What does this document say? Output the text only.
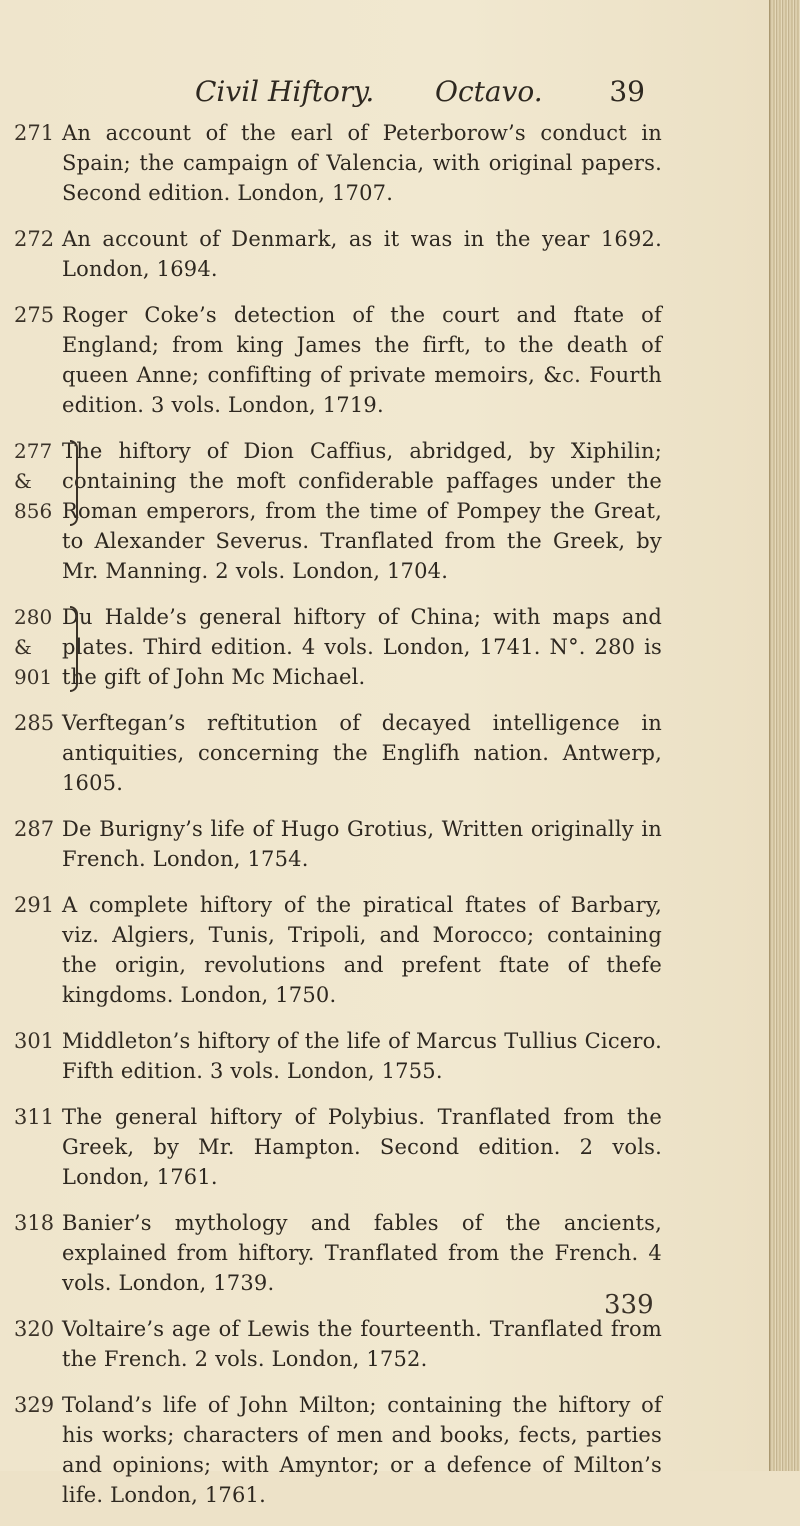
Civil Hiftory. Octavo. 39
271 An account of the earl of Peterborow’s conduct in Spain; the campaign of Valencia, with original papers. Second edition. London, 1707.
272 An account of Denmark, as it was in the year 1692. London, 1694.
275 Roger Coke’s detection of the court and ftate of England; from king James the firft, to the death of queen Anne; confifting of private memoirs, &c. Fourth edition. 3 vols. London, 1719.
277
&
856
The hiftory of Dion Caffius, abridged, by Xiphilin; containing the moft confiderable paffages under the Roman emperors, from the time of Pompey the Great, to Alexander Severus. Tranflated from the Greek, by Mr. Manning. 2 vols. London, 1704.
280
&
901
Du Halde’s general hiftory of China; with maps and plates. Third edition. 4 vols. London, 1741. N°. 280 is the gift of John Mc Michael.
285 Verftegan’s reftitution of decayed intelligence in antiquities, concerning the Englifh nation. Antwerp, 1605.
287 De Burigny’s life of Hugo Grotius, Written originally in French. London, 1754.
291 A complete hiftory of the piratical ftates of Barbary, viz. Algiers, Tunis, Tripoli, and Morocco; containing the origin, revolutions and prefent ftate of thefe kingdoms. London, 1750.
301 Middleton’s hiftory of the life of Marcus Tullius Cicero. Fifth edition. 3 vols. London, 1755.
311 The general hiftory of Polybius. Tranflated from the Greek, by Mr. Hampton. Second edition. 2 vols. London, 1761.
318 Banier’s mythology and fables of the ancients, explained from hiftory. Tranflated from the French. 4 vols. London, 1739.
320 Voltaire’s age of Lewis the fourteenth. Tranflated from the French. 2 vols. London, 1752.
329 Toland’s life of John Milton; containing the hiftory of his works; characters of men and books, fects, parties and opinions; with Amyntor; or a defence of Milton’s life. London, 1761.
339
